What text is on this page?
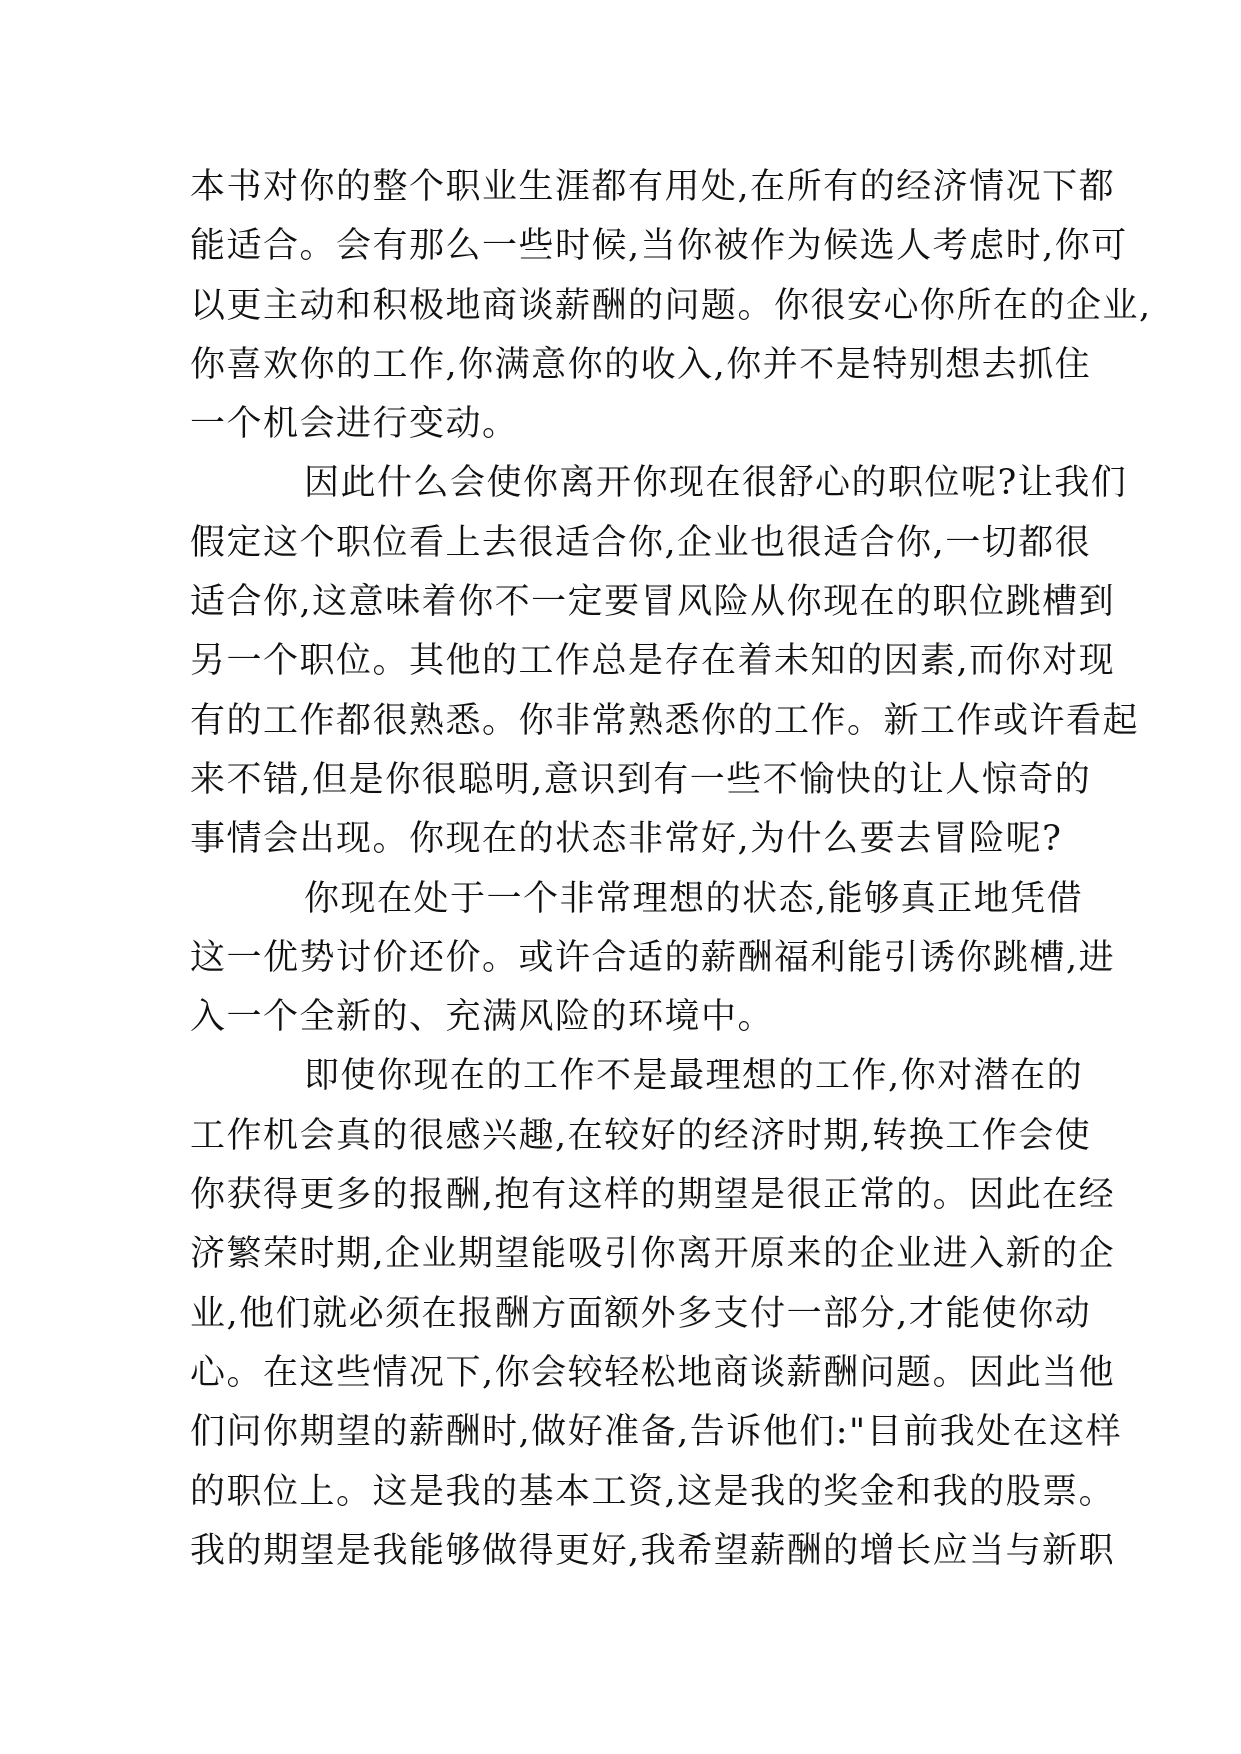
本书对你的整个职业生涯都有用处,在所有的经济情况下都
能适合。会有那么一些时候,当你被作为候选人考虑时,你可
以更主动和积极地商谈薪酬的问题。你很安心你所在的企业,
你喜欢你的工作,你满意你的收入,你并不是特别想去抓住
一个机会进行变动。
因此什么会使你离开你现在很舒心的职位呢?让我们
假定这个职位看上去很适合你,企业也很适合你,一切都很
适合你,这意味着你不一定要冒风险从你现在的职位跳槽到
另一个职位。其他的工作总是存在着未知的因素,而你对现
有的工作都很熟悉。你非常熟悉你的工作。新工作或许看起
来不错,但是你很聪明,意识到有一些不愉快的让人惊奇的
事情会出现。你现在的状态非常好,为什么要去冒险呢?
你现在处于一个非常理想的状态,能够真正地凭借
这一优势讨价还价。或许合适的薪酬福利能引诱你跳槽,进
入一个全新的、充满风险的环境中。
即使你现在的工作不是最理想的工作,你对潜在的
工作机会真的很感兴趣,在较好的经济时期,转换工作会使
你获得更多的报酬,抱有这样的期望是很正常的。因此在经
济繁荣时期,企业期望能吸引你离开原来的企业进入新的企
业,他们就必须在报酬方面额外多支付一部分,才能使你动
心。在这些情况下,你会较轻松地商谈薪酬问题。因此当他
们问你期望的薪酬时,做好准备,告诉他们:"目前我处在这样
的职位上。这是我的基本工资,这是我的奖金和我的股票。
我的期望是我能够做得更好,我希望薪酬的增长应当与新职
